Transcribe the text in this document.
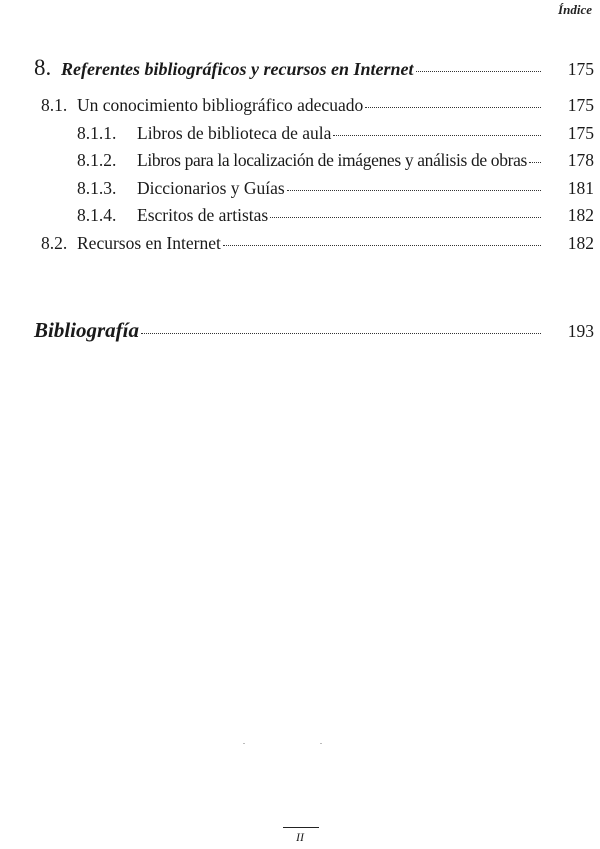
Índice
8. Referentes bibliográficos y recursos en Internet	175
8.1. Un conocimiento bibliográfico adecuado	175
8.1.1.	Libros de biblioteca de aula	175
8.1.2.	Libros para la localización de imágenes y análisis de obras	178
8.1.3.	Diccionarios y Guías	181
8.1.4.	Escritos de artistas	182
8.2. Recursos en Internet	182
Bibliografía	193
II
